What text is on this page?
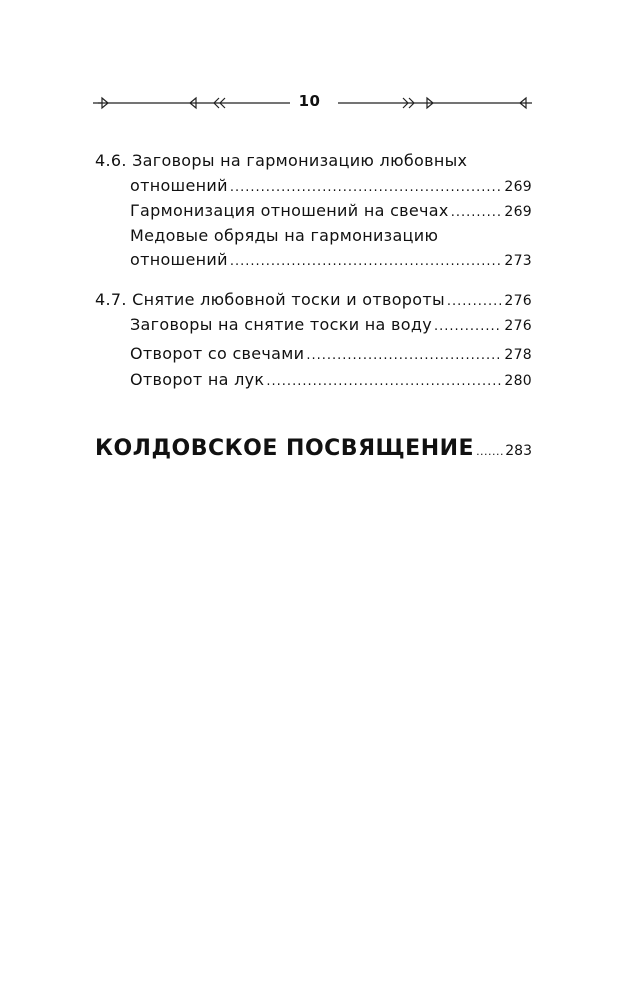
10
4.6. Заговоры на гармонизацию любовных
отношений .....	269
Гармонизация отношений на свечах .....	269
Медовые обряды на гармонизацию
отношений .....	273
4.7. Снятие любовной тоски и отвороты .....	276
Заговоры на снятие тоски на воду .....	276
Отворот со свечами .....	278
Отворот на лук .....	280
КОЛДОВСКОЕ ПОСВЯЩЕНИЕ ..... 283
